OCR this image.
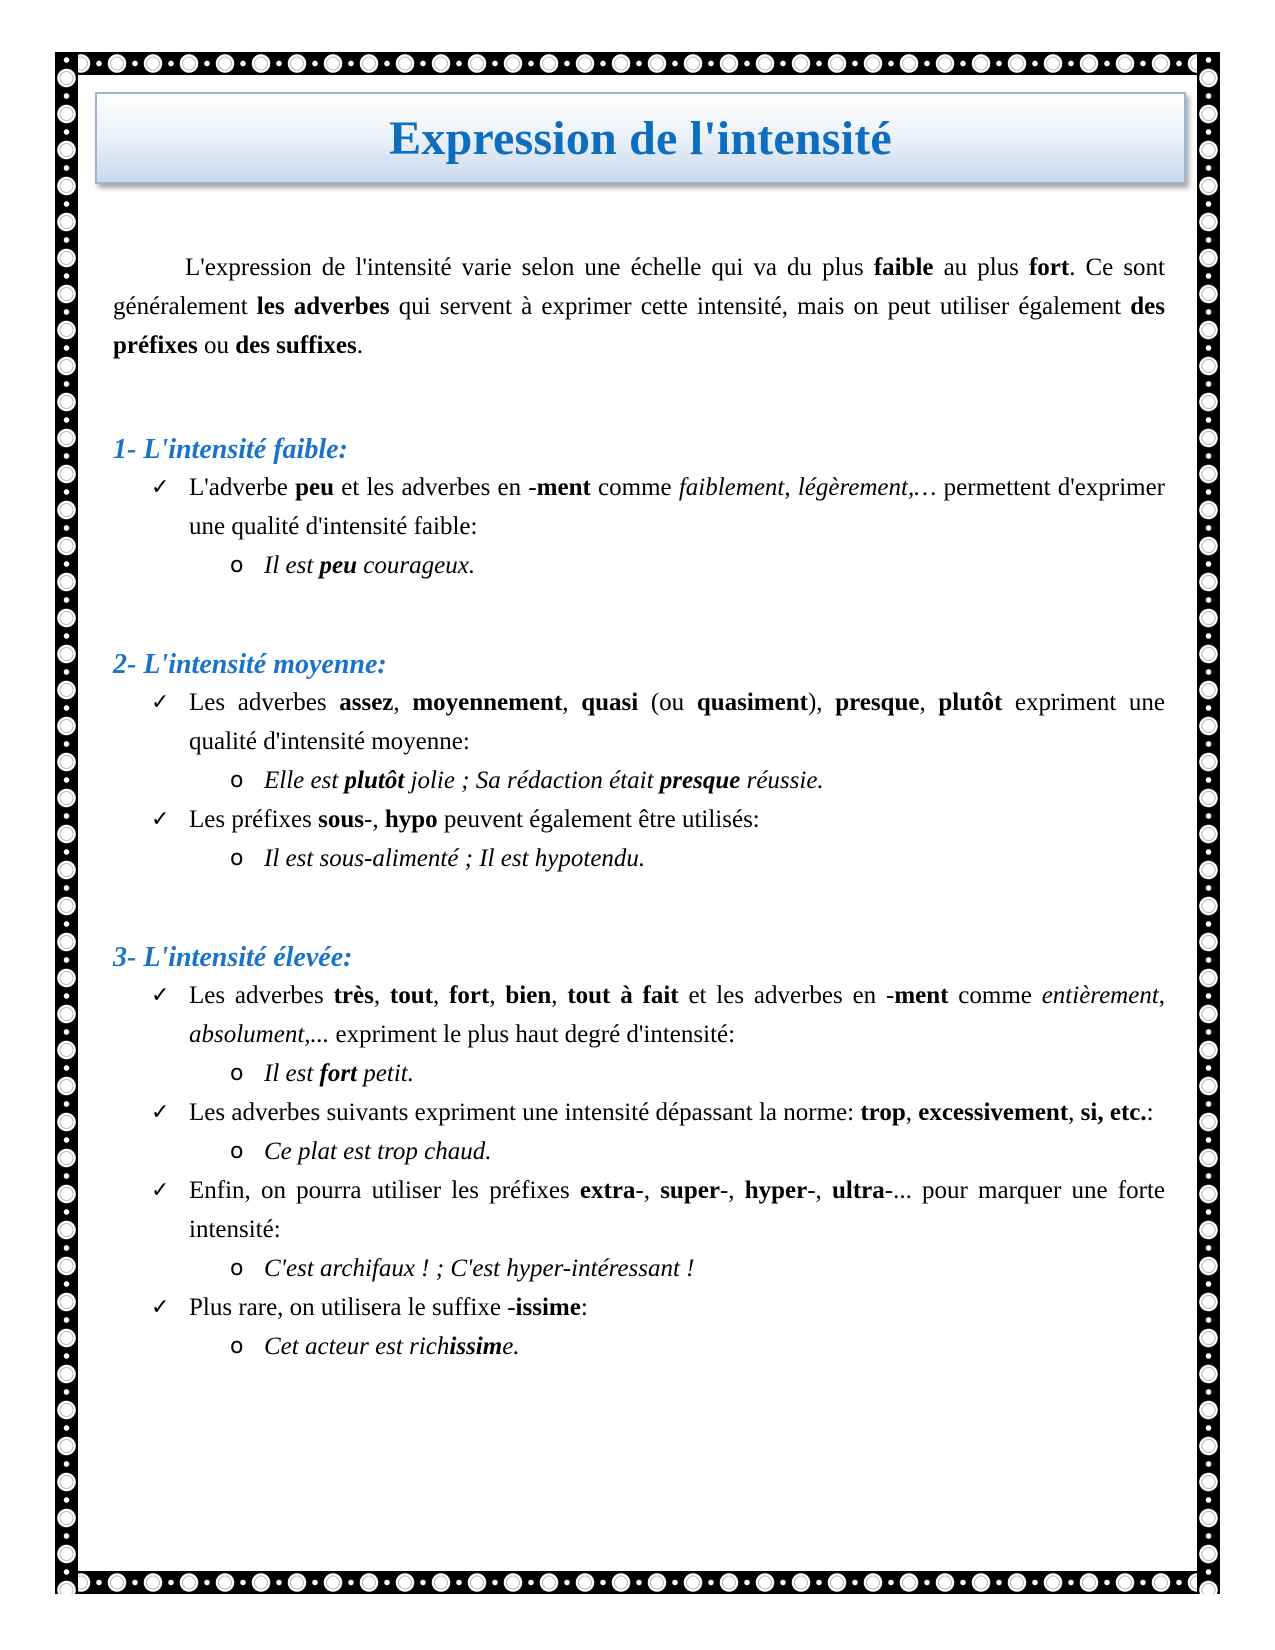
Expression de l'intensité

L'expression de l'intensité varie selon une échelle qui va du plus faible au plus fort. Ce sont généralement les adverbes qui servent à exprimer cette intensité, mais on peut utiliser également des préfixes ou des suffixes.

1- L'intensité faible:

✓ L'adverbe peu et les adverbes en -ment comme faiblement, légèrement,… permettent d'exprimer une qualité d'intensité faible:

o Il est peu courageux.

2- L'intensité moyenne:

✓ Les adverbes assez, moyennement, quasi (ou quasiment), presque, plutôt expriment une qualité d'intensité moyenne:

o Elle est plutôt jolie ; Sa rédaction était presque réussie.

✓ Les préfixes sous-, hypo peuvent également être utilisés:

o Il est sous-alimenté ; Il est hypotendu.

3- L'intensité élevée:

✓ Les adverbes très, tout, fort, bien, tout à fait et les adverbes en -ment comme entièrement, absolument,... expriment le plus haut degré d'intensité:

o Il est fort petit.

✓ Les adverbes suivants expriment une intensité dépassant la norme: trop, excessivement, si, etc.:

o Ce plat est trop chaud.

✓ Enfin, on pourra utiliser les préfixes extra-, super-, hyper-, ultra-... pour marquer une forte intensité:

o C'est archifaux ! ; C'est hyper-intéressant !

✓ Plus rare, on utilisera le suffixe -issime:

o Cet acteur est richissime.
